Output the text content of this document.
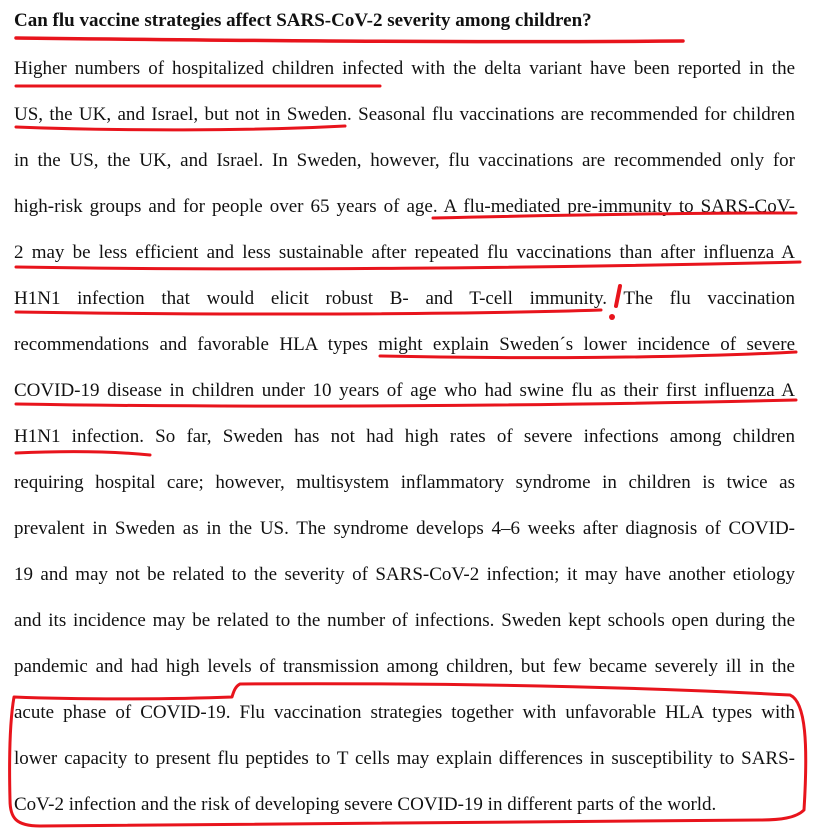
Can flu vaccine strategies affect SARS-CoV-2 severity among children?
Higher numbers of hospitalized children infected with the delta variant have been reported in the
US, the UK, and Israel, but not in Sweden. Seasonal flu vaccinations are recommended for children
in the US, the UK, and Israel. In Sweden, however, flu vaccinations are recommended only for
high-risk groups and for people over 65 years of age. A flu-mediated pre-immunity to SARS-CoV-
2 may be less efficient and less sustainable after repeated flu vaccinations than after influenza A
H1N1 infection that would elicit robust B- and T-cell immunity. The flu vaccination
recommendations and favorable HLA types might explain Sweden´s lower incidence of severe
COVID-19 disease in children under 10 years of age who had swine flu as their first influenza A
H1N1 infection. So far, Sweden has not had high rates of severe infections among children
requiring hospital care; however, multisystem inflammatory syndrome in children is twice as
prevalent in Sweden as in the US. The syndrome develops 4–6 weeks after diagnosis of COVID-
19 and may not be related to the severity of SARS-CoV-2 infection; it may have another etiology
and its incidence may be related to the number of infections. Sweden kept schools open during the
pandemic and had high levels of transmission among children, but few became severely ill in the
acute phase of COVID-19. Flu vaccination strategies together with unfavorable HLA types with
lower capacity to present flu peptides to T cells may explain differences in susceptibility to SARS-
CoV-2 infection and the risk of developing severe COVID-19 in different parts of the world.
